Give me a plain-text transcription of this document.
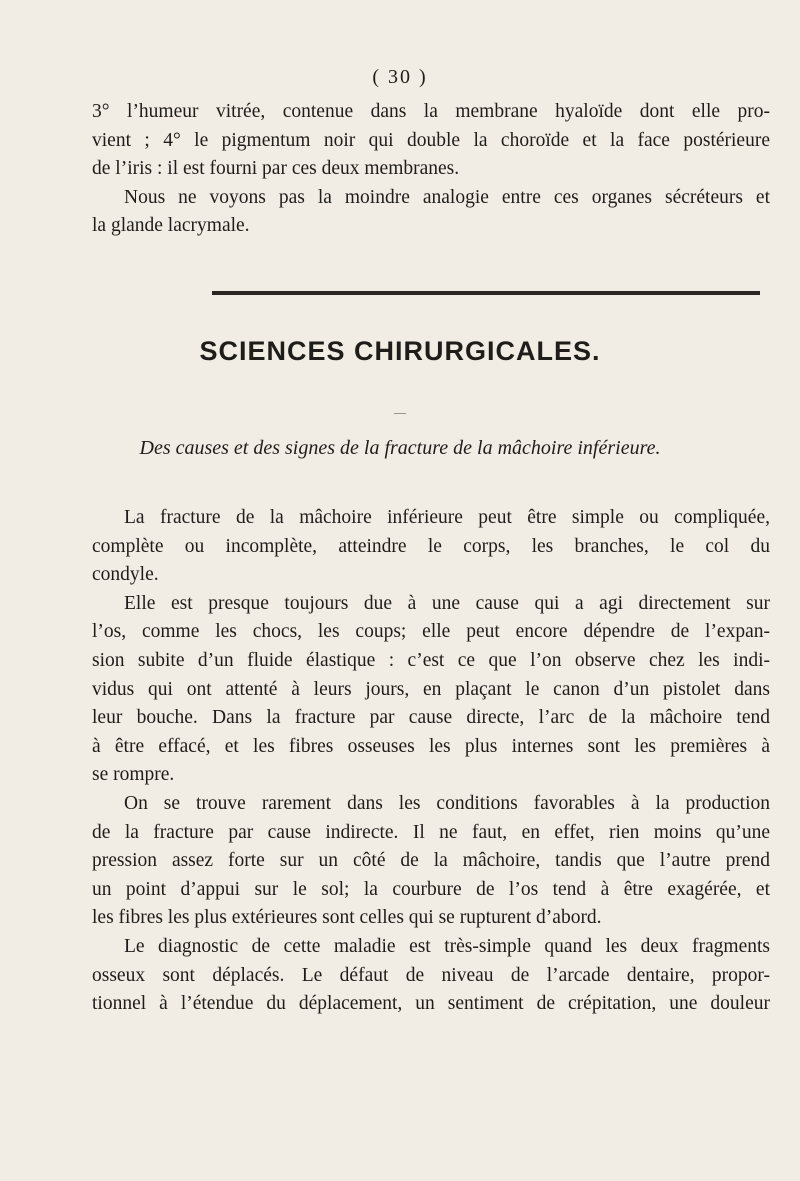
( 30 )
3° l’humeur vitrée, contenue dans la membrane hyaloïde dont elle pro-
vient ; 4° le pigmentum noir qui double la choroïde et la face postérieure
de l’iris : il est fourni par ces deux membranes.
Nous ne voyons pas la moindre analogie entre ces organes sécréteurs et
la glande lacrymale.
SCIENCES CHIRURGICALES.
—
Des causes et des signes de la fracture de la mâchoire inférieure.
La fracture de la mâchoire inférieure peut être simple ou compliquée,
complète ou incomplète, atteindre le corps, les branches, le col du
condyle.
Elle est presque toujours due à une cause qui a agi directement sur
l’os, comme les chocs, les coups; elle peut encore dépendre de l’expan-
sion subite d’un fluide élastique : c’est ce que l’on observe chez les indi-
vidus qui ont attenté à leurs jours, en plaçant le canon d’un pistolet dans
leur bouche. Dans la fracture par cause directe, l’arc de la mâchoire tend
à être effacé, et les fibres osseuses les plus internes sont les premières à
se rompre.
On se trouve rarement dans les conditions favorables à la production
de la fracture par cause indirecte. Il ne faut, en effet, rien moins qu’une
pression assez forte sur un côté de la mâchoire, tandis que l’autre prend
un point d’appui sur le sol; la courbure de l’os tend à être exagérée, et
les fibres les plus extérieures sont celles qui se rupturent d’abord.
Le diagnostic de cette maladie est très-simple quand les deux fragments
osseux sont déplacés. Le défaut de niveau de l’arcade dentaire, propor-
tionnel à l’étendue du déplacement, un sentiment de crépitation, une douleur
